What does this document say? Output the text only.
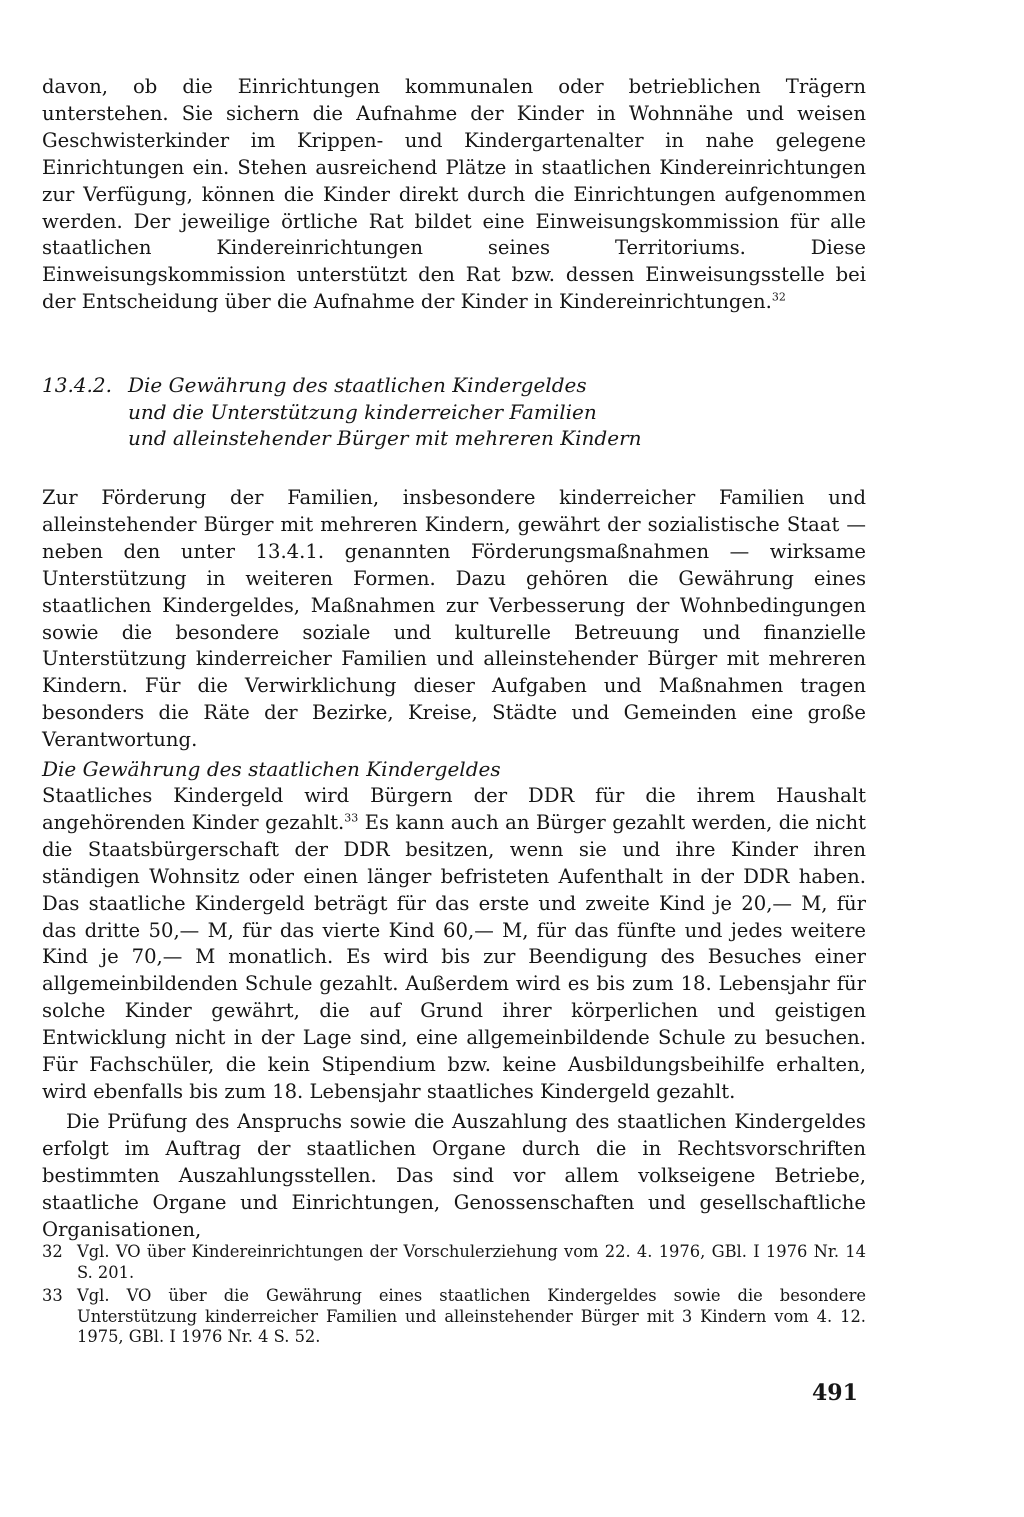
davon, ob die Einrichtungen kommunalen oder betrieblichen Trägern unterstehen. Sie sichern die Aufnahme der Kinder in Wohnnähe und weisen Geschwisterkinder im Krippen- und Kindergartenalter in nahe gelegene Einrichtungen ein. Stehen ausreichend Plätze in staatlichen Kindereinrichtungen zur Verfügung, können die Kinder direkt durch die Einrichtungen aufgenommen werden. Der jeweilige örtliche Rat bildet eine Einweisungskommission für alle staatlichen Kindereinrichtungen seines Territoriums. Diese Einweisungskommission unterstützt den Rat bzw. dessen Einweisungsstelle bei der Entscheidung über die Aufnahme der Kinder in Kindereinrichtungen.$^{32}$

13.4.2. Die Gewährung des staatlichen Kindergeldes
und die Unterstützung kinderreicher Familien
und alleinstehender Bürger mit mehreren Kindern

Zur Förderung der Familien, insbesondere kinderreicher Familien und alleinstehender Bürger mit mehreren Kindern, gewährt der sozialistische Staat — neben den unter 13.4.1. genannten Förderungsmaßnahmen — wirksame Unterstützung in weiteren Formen. Dazu gehören die Gewährung eines staatlichen Kindergeldes, Maßnahmen zur Verbesserung der Wohnbedingungen sowie die besondere soziale und kulturelle Betreuung und finanzielle Unterstützung kinderreicher Familien und alleinstehender Bürger mit mehreren Kindern. Für die Verwirklichung dieser Aufgaben und Maßnahmen tragen besonders die Räte der Bezirke, Kreise, Städte und Gemeinden eine große Verantwortung.

Die Gewährung des staatlichen Kindergeldes

Staatliches Kindergeld wird Bürgern der DDR für die ihrem Haushalt angehörenden Kinder gezahlt.$^{33}$ Es kann auch an Bürger gezahlt werden, die nicht die Staatsbürgerschaft der DDR besitzen, wenn sie und ihre Kinder ihren ständigen Wohnsitz oder einen länger befristeten Aufenthalt in der DDR haben. Das staatliche Kindergeld beträgt für das erste und zweite Kind je 20,— M, für das dritte 50,— M, für das vierte Kind 60,— M, für das fünfte und jedes weitere Kind je 70,— M monatlich. Es wird bis zur Beendigung des Besuches einer allgemeinbildenden Schule gezahlt. Außerdem wird es bis zum 18. Lebensjahr für solche Kinder gewährt, die auf Grund ihrer körperlichen und geistigen Entwicklung nicht in der Lage sind, eine allgemeinbildende Schule zu besuchen. Für Fachschüler, die kein Stipendium bzw. keine Ausbildungsbeihilfe erhalten, wird ebenfalls bis zum 18. Lebensjahr staatliches Kindergeld gezahlt.

Die Prüfung des Anspruchs sowie die Auszahlung des staatlichen Kindergeldes erfolgt im Auftrag der staatlichen Organe durch die in Rechtsvorschriften bestimmten Auszahlungsstellen. Das sind vor allem volkseigene Betriebe, staatliche Organe und Einrichtungen, Genossenschaften und gesellschaftliche Organisationen,

32 Vgl. VO über Kindereinrichtungen der Vorschulerziehung vom 22. 4. 1976, GBl. I 1976 Nr. 14 S. 201.
33 Vgl. VO über die Gewährung eines staatlichen Kindergeldes sowie die besondere Unterstützung kinderreicher Familien und alleinstehender Bürger mit 3 Kindern vom 4. 12. 1975, GBl. I 1976 Nr. 4 S. 52.
491
